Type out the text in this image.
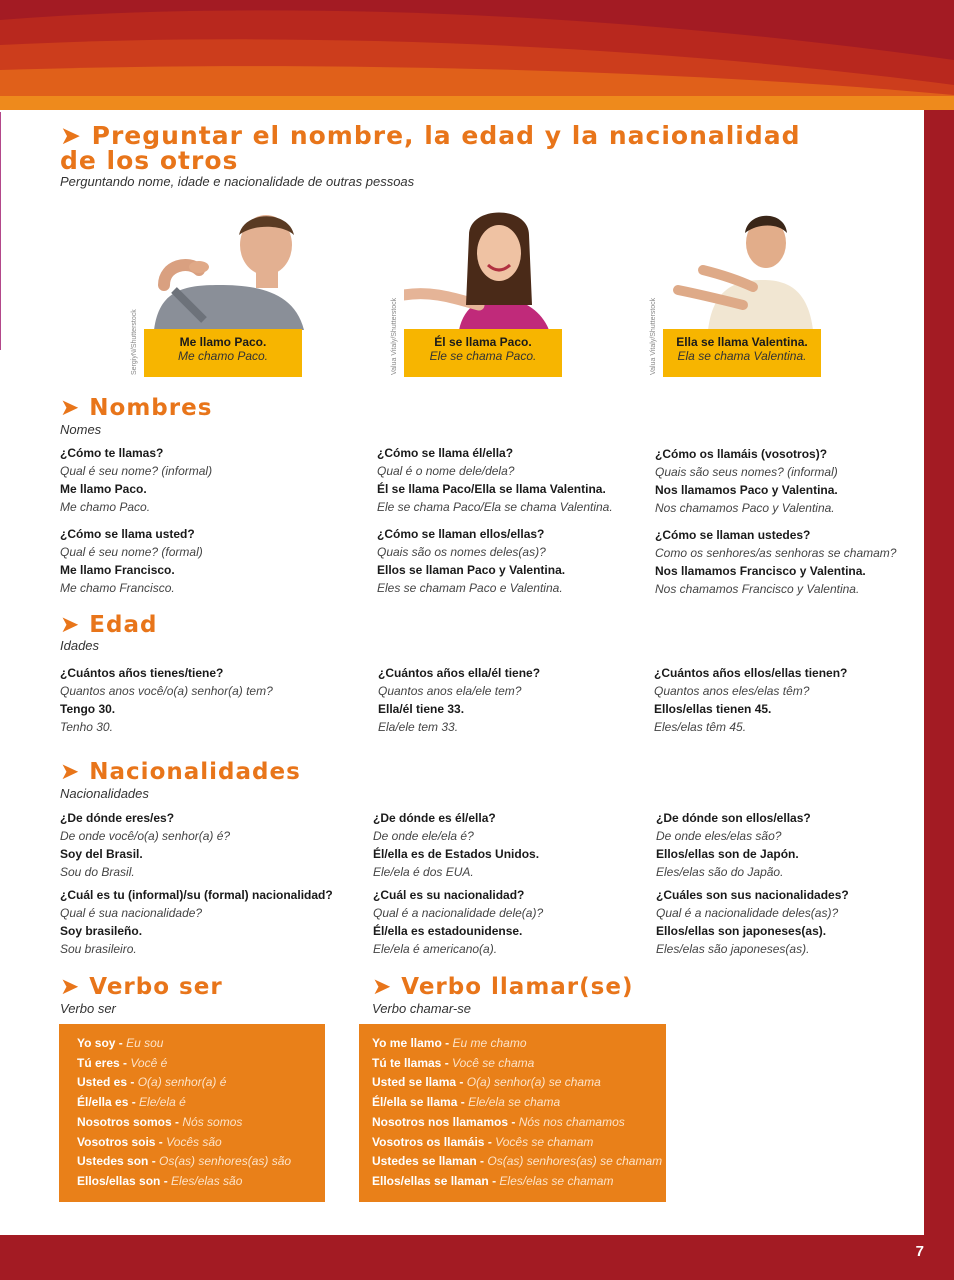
➤ Preguntar el nombre, la edad y la nacionalidad
de los otros
Perguntando nome, idade e nacionalidade de outras pessoas
SergiyN/Shutterstock	Me llamo Paco.
Me chamo Paco.	Valua Vitaly/Shutterstock	Él se llama Paco.
Ele se chama Paco.	Valua Vitaly/Shutterstock	Ella se llama Valentina.
Ela se chama Valentina.
➤ Nombres
Nomes
¿Cómo te llamas?
Qual é seu nome? (informal)
Me llamo Paco.
Me chamo Paco.
¿Cómo se llama él/ella?
Qual é o nome dele/dela?
Él se llama Paco/Ella se llama Valentina.
Ele se chama Paco/Ela se chama Valentina.
¿Cómo os llamáis (vosotros)?
Quais são seus nomes? (informal)
Nos llamamos Paco y Valentina.
Nos chamamos Paco y Valentina.
¿Cómo se llama usted?
Qual é seu nome? (formal)
Me llamo Francisco.
Me chamo Francisco.
¿Cómo se llaman ellos/ellas?
Quais são os nomes deles(as)?
Ellos se llaman Paco y Valentina.
Eles se chamam Paco e Valentina.
¿Cómo se llaman ustedes?
Como os senhores/as senhoras se chamam?
Nos llamamos Francisco y Valentina.
Nos chamamos Francisco y Valentina.
➤ Edad
Idades
¿Cuántos años tienes/tiene?
Quantos anos você/o(a) senhor(a) tem?
Tengo 30.
Tenho 30.
¿Cuántos años ella/él tiene?
Quantos anos ela/ele tem?
Ella/él tiene 33.
Ela/ele tem 33.
¿Cuántos años ellos/ellas tienen?
Quantos anos eles/elas têm?
Ellos/ellas tienen 45.
Eles/elas têm 45.
➤ Nacionalidades
Nacionalidades
¿De dónde eres/es?
De onde você/o(a) senhor(a) é?
Soy del Brasil.
Sou do Brasil.
¿De dónde es él/ella?
De onde ele/ela é?
Él/ella es de Estados Unidos.
Ele/ela é dos EUA.
¿De dónde son ellos/ellas?
De onde eles/elas são?
Ellos/ellas son de Japón.
Eles/elas são do Japão.
¿Cuál es tu (informal)/su (formal) nacionalidad?
Qual é sua nacionalidade?
Soy brasileño.
Sou brasileiro.
¿Cuál es su nacionalidad?
Qual é a nacionalidade dele(a)?
Él/ella es estadounidense.
Ele/ela é americano(a).
¿Cuáles son sus nacionalidades?
Qual é a nacionalidade deles(as)?
Ellos/ellas son japoneses(as).
Eles/elas são japoneses(as).
➤ Verbo ser
Verbo ser
Yo soy - Eu sou
Tú eres - Você é
Usted es - O(a) senhor(a) é
Él/ella es - Ele/ela é
Nosotros somos - Nós somos
Vosotros sois - Vocês são
Ustedes son - Os(as) senhores(as) são
Ellos/ellas son - Eles/elas são
➤ Verbo llamar(se)
Verbo chamar-se
Yo me llamo - Eu me chamo
Tú te llamas - Você se chama
Usted se llama - O(a) senhor(a) se chama
Él/ella se llama - Ele/ela se chama
Nosotros nos llamamos - Nós nos chamamos
Vosotros os llamáis - Vocês se chamam
Ustedes se llaman - Os(as) senhores(as) se chamam
Ellos/ellas se llaman - Eles/elas se chamam
7
